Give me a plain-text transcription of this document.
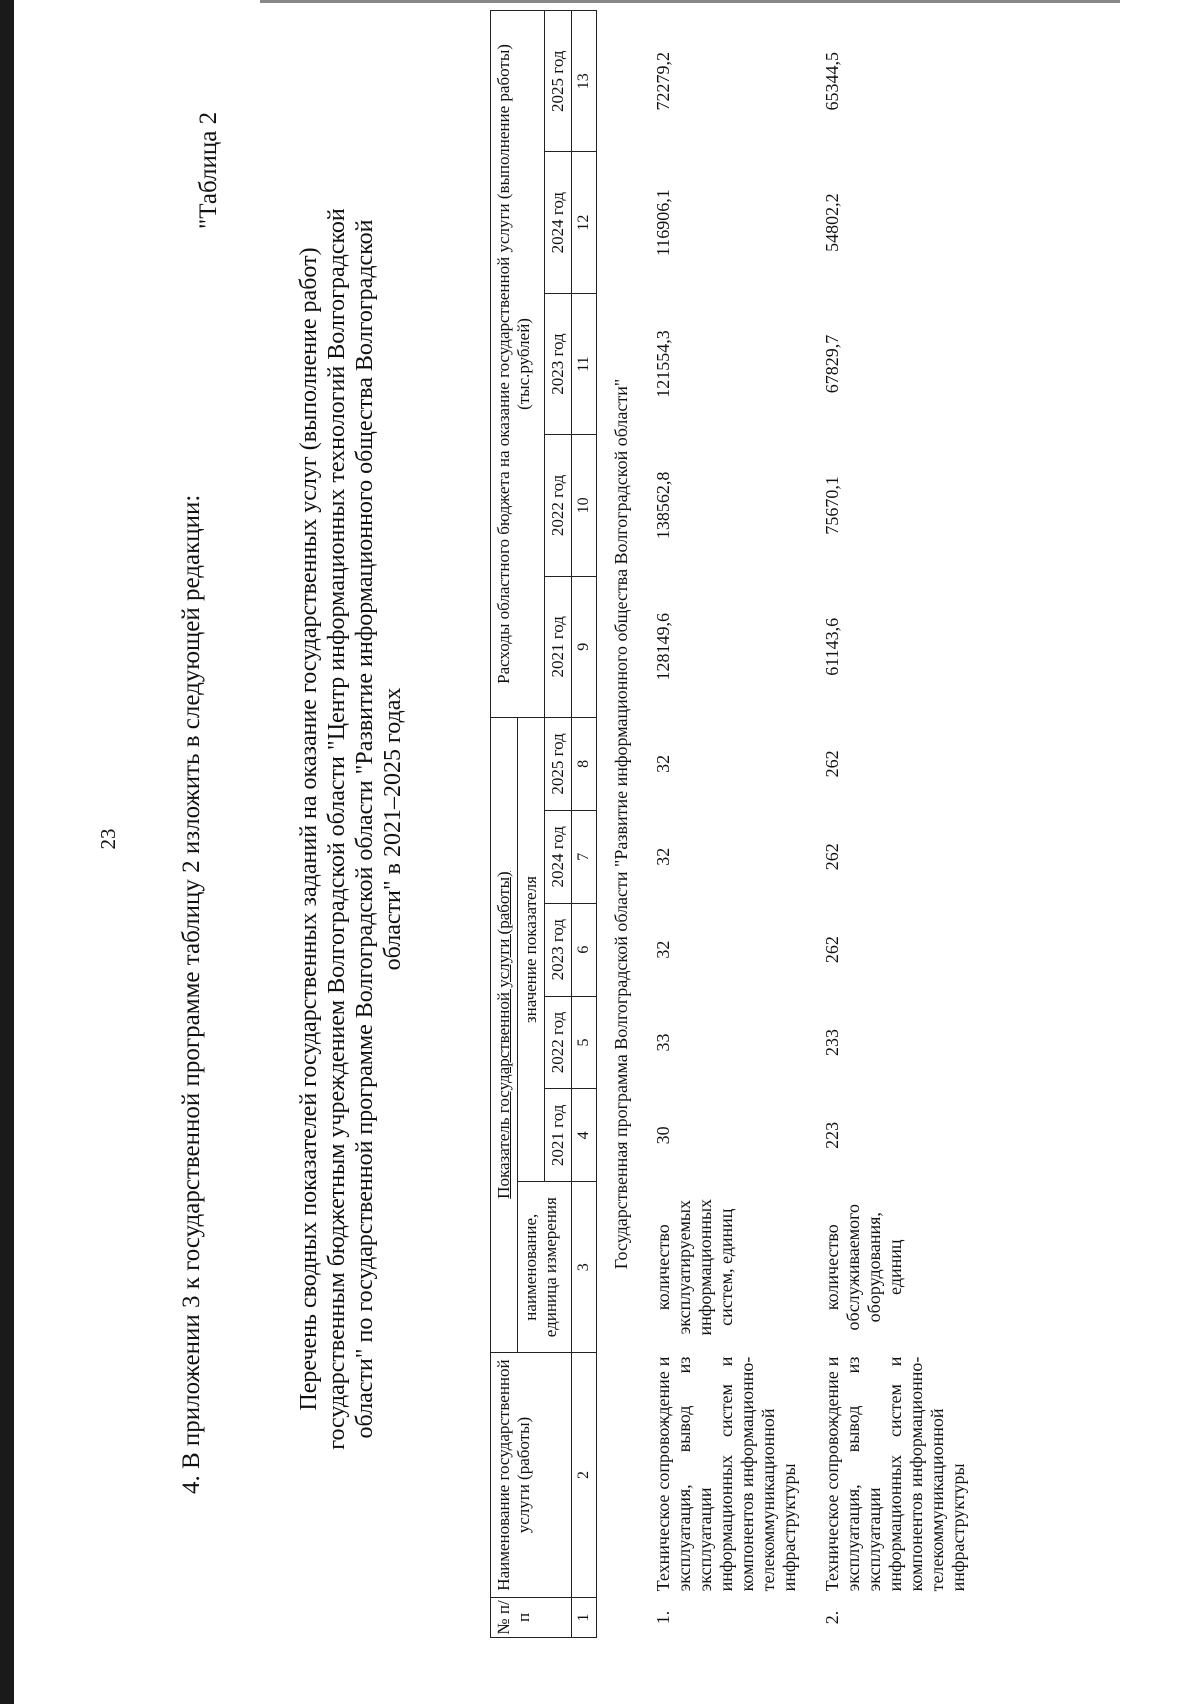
23 4. В приложении 3 к государственной программе таблицу 2 изложить в следующей редакции:
"Таблица 2
Перечень сводных показателей государственных заданий на оказание государственных услуг (выполнение работ) государственным бюджетным учреждением Волгоградской области "Центр информационных технологий Волгоградской области" по государственной программе Волгоградской области "Развитие информационного общества Волгоградской области" в 2021–2025 годах
№ п/п	Наименование государственной услуги (работы)	Показатель государственной услуги (работы)						Расходы областного бюджета на оказание государственной услуги (выполнение работы) (тыс.рублей)				
		наименование, единица измерения	значение показателя									
			2021 год	2022 год	2023 год	2024 год	2025 год	2021 год	2022 год	2023 год	2024 год	2025 год
1	2	3	4	5	6	7	8	9	10	11	12	13
Государственная программа Волгоградской области "Развитие информационного общества Волгоградской области"												
1.	Техническое сопровождение и эксплуатация, вывод из эксплуатации информационных систем и компонентов информационно-телекоммуникационной инфраструктуры	количество эксплуатируемых информационных систем, единиц	30	33	32	32	32	128149,6	138562,8	121554,3	116906,1	72279,2
2.	Техническое сопровождение и эксплуатация, вывод из эксплуатации информационных систем и компонентов информационно-телекоммуникационной инфраструктуры	количество обслуживаемого оборудования, единиц	223	233	262	262	262	61143,6	75670,1	67829,7	54802,2	65344,5
